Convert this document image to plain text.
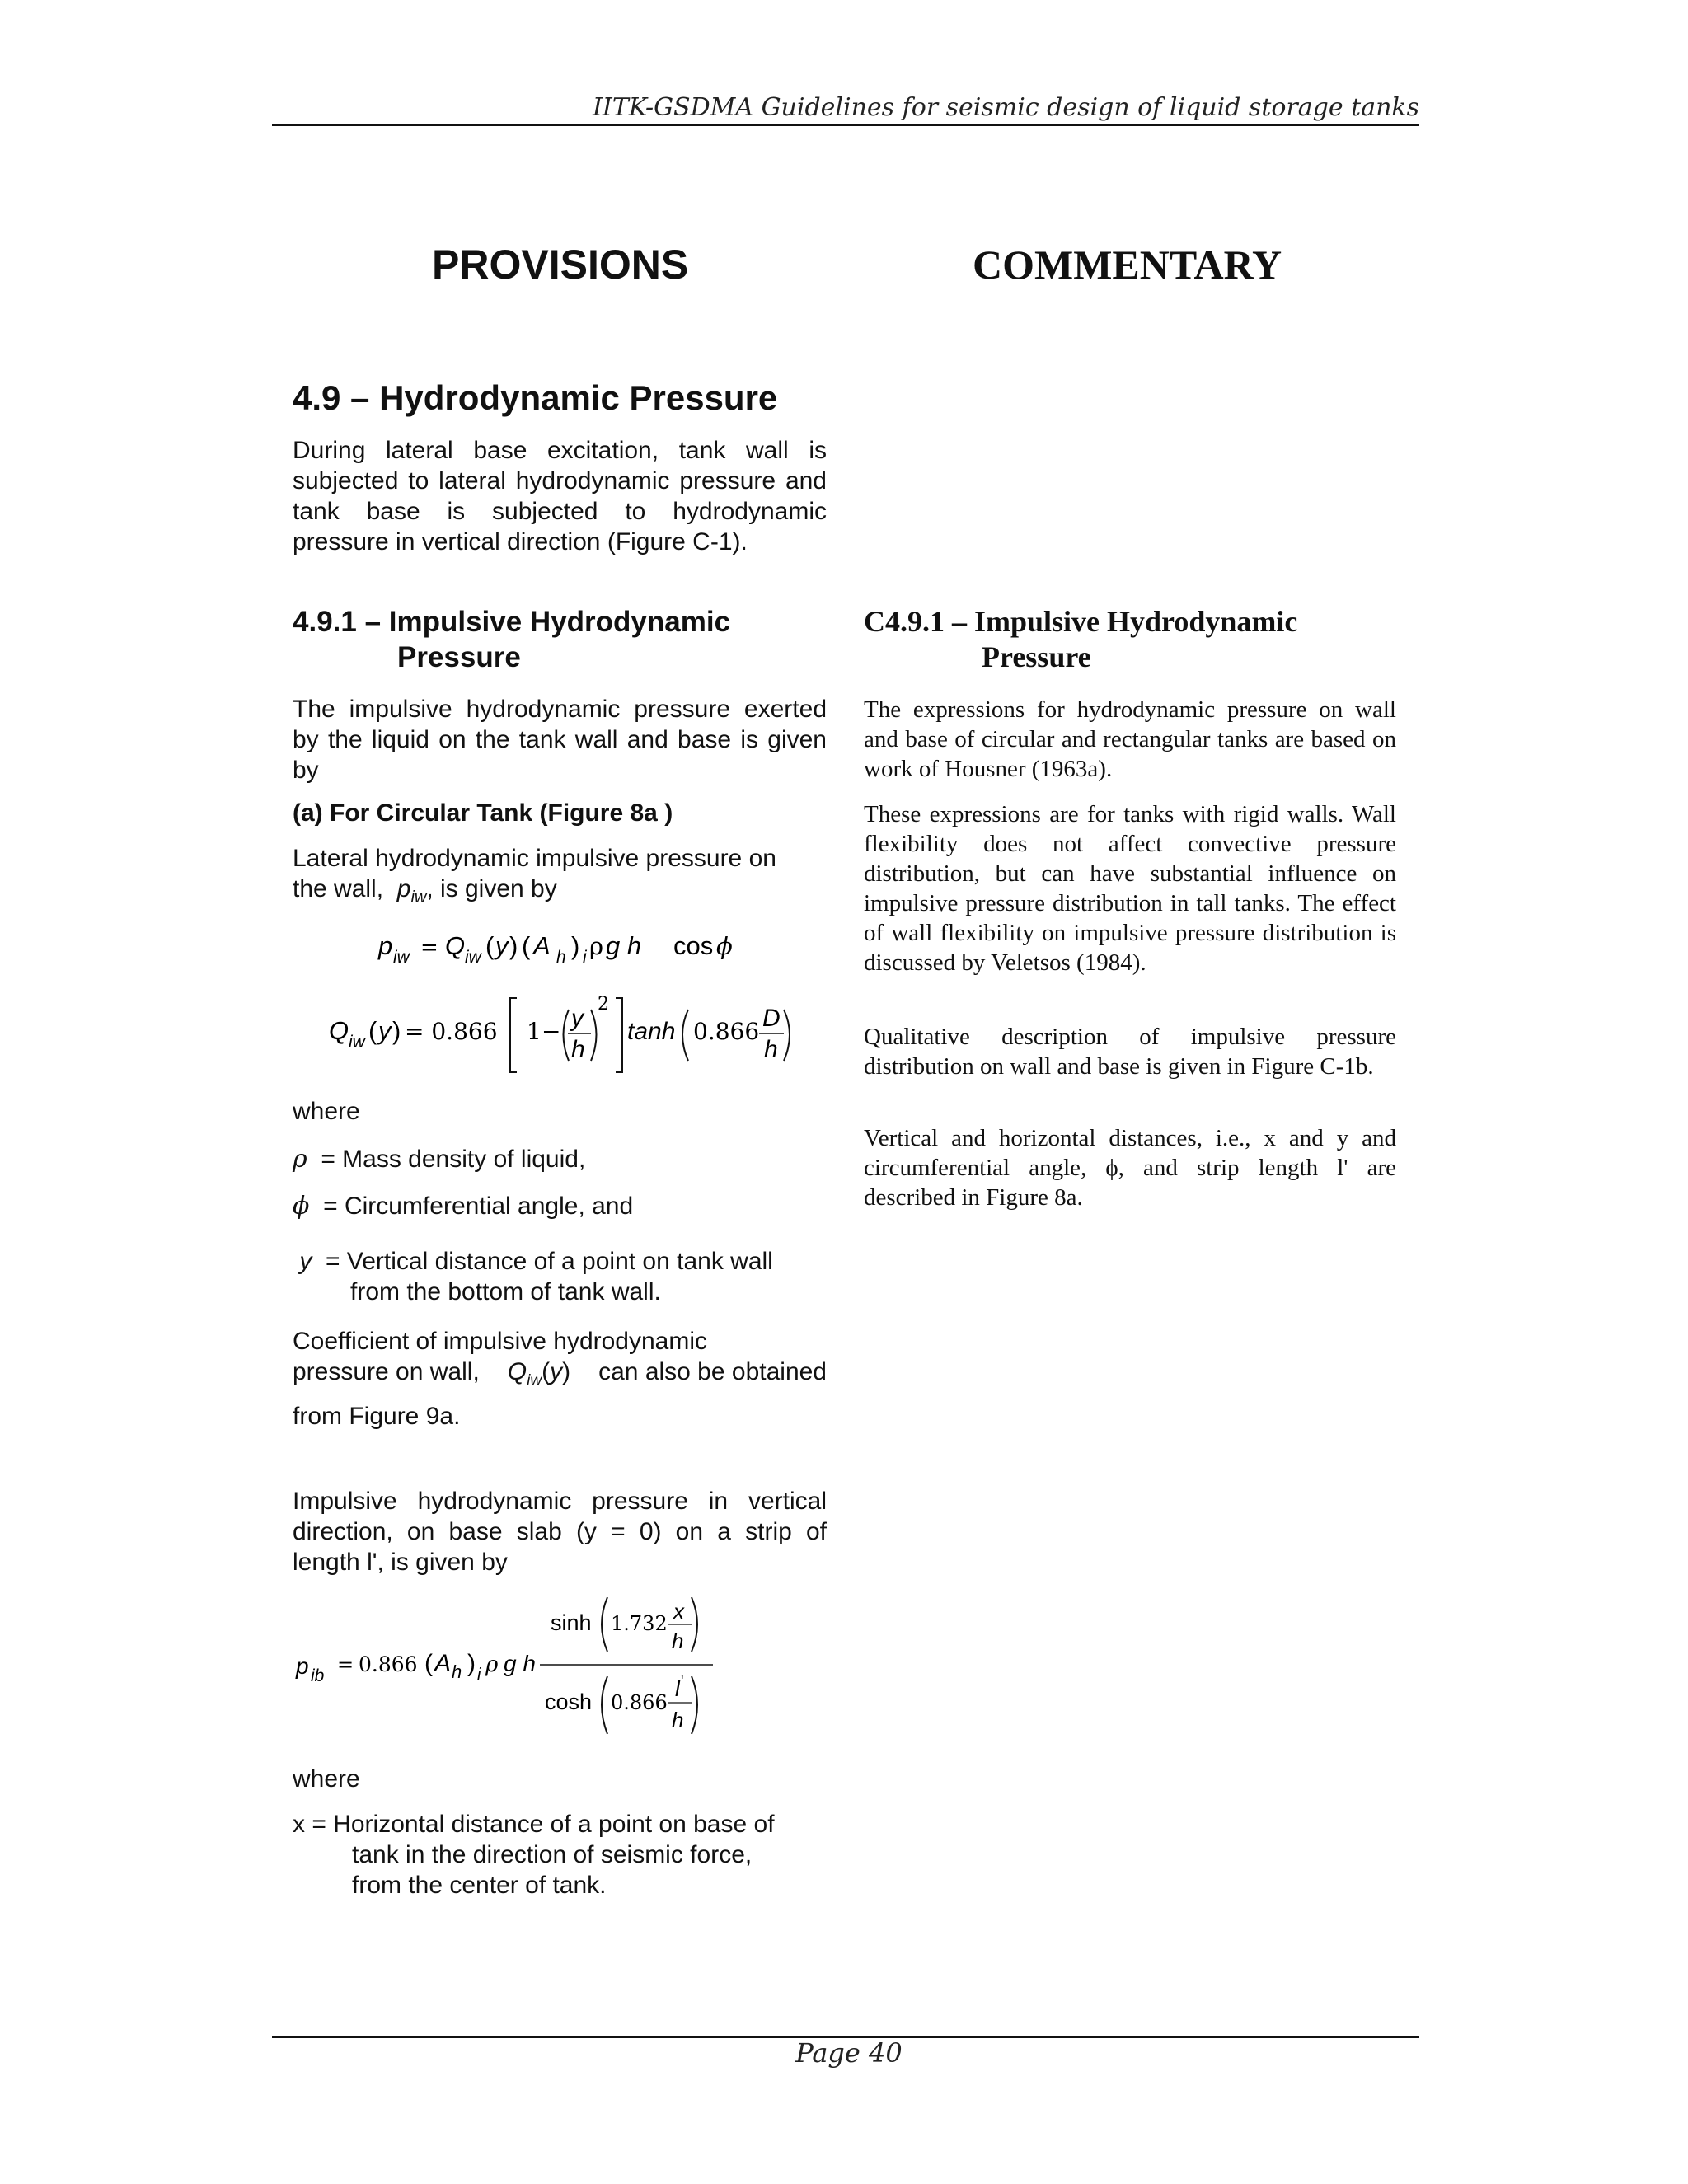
IITK-GSDMA Guidelines for seismic design of liquid storage tanks
PROVISIONS	COMMENTARY
4.9 – Hydrodynamic Pressure

During lateral base excitation, tank wall is subjected to lateral hydrodynamic pressure and tank base is subjected to hydrodynamic pressure in vertical direction (Figure C-1).

4.9.1 – Impulsive Hydrodynamic
Pressure

The impulsive hydrodynamic pressure exerted by the liquid on the tank wall and base is given by

(a) For Circular Tank (Figure 8a )
Lateral hydrodynamic impulsive pressure on
the wall, $p_{iw}$, is given by
p iw = Q iw ( y ) ( A h ) i ρ g h cos ϕ
Q iw ( y ) = 0.866 1 − y
h
2
tanh 0.866 D
h
where
ρ = Mass density of liquid,
ϕ = Circumferential angle, and
y = Vertical distance of a point on tank wall
from the bottom of tank wall.
Coefficient of impulsive hydrodynamic
pressure on wall, $Q_{iw}(y)$ can also be obtained
from Figure 9a.

Impulsive hydrodynamic pressure in vertical direction, on base slab (y = 0) on a strip of length l', is given by

p ib = 0.866 ( A h ) i ρ g h
sinh 1.732 x
h
cosh 0.866
l '
h
where
x = Horizontal distance of a point on base of
tank in the direction of seismic force,
from the center of tank.
C4.9.1 – Impulsive Hydrodynamic
Pressure

The expressions for hydrodynamic pressure on wall and base of circular and rectangular tanks are based on work of Housner (1963a).

These expressions are for tanks with rigid walls. Wall flexibility does not affect convective pressure distribution, but can have substantial influence on impulsive pressure distribution in tall tanks. The effect of wall flexibility on impulsive pressure distribution is discussed by Veletsos (1984).

Qualitative description of impulsive pressure distribution on wall and base is given in Figure C-1b.

Vertical and horizontal distances, i.e., x and y and circumferential angle, ϕ, and strip length l' are described in Figure 8a.

Page 40
